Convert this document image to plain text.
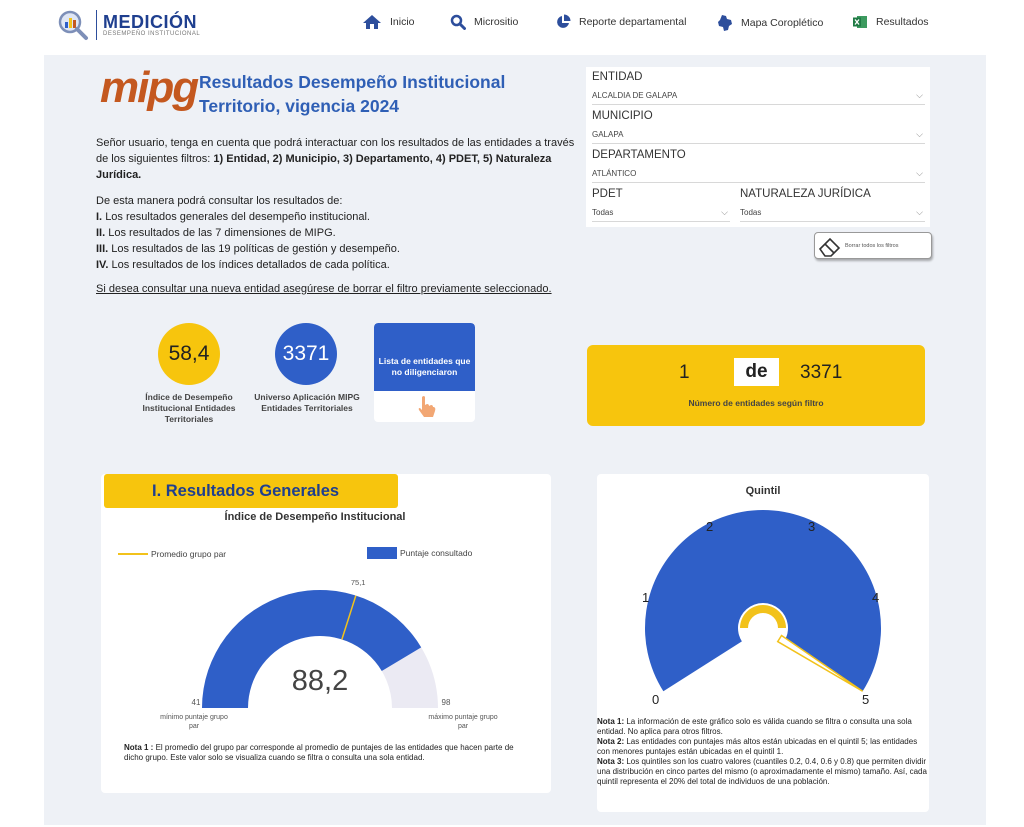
MEDICIÓN
DESEMPEÑO INSTITUCIONAL
Inicio	Micrositio	Reporte departamental	Mapa Coroplético	Resultados
mipg Resultados Desempeño Institucional
Territorio, vigencia 2024
Señor usuario, tenga en cuenta que podrá interactuar con los resultados de las entidades a través de los siguientes filtros: 1) Entidad, 2) Municipio, 3) Departamento, 4) PDET, 5) Naturaleza Jurídica.
De esta manera podrá consultar los resultados de:
I. Los resultados generales del desempeño institucional.
II. Los resultados de las 7 dimensiones de MIPG.
III. Los resultados de las 19 políticas de gestión y desempeño.
IV. Los resultados de los índices detallados de cada política.
Si desea consultar una nueva entidad asegúrese de borrar el filtro previamente seleccionado.
ENTIDAD
ALCALDIA DE GALAPA	⌵
MUNICIPIO
GALAPA	⌵
DEPARTAMENTO
ATLÁNTICO	⌵
PDET
Todas	⌵
NATURALEZA JURÍDICA
Todas	⌵
Borrar todos los filtros
58,4
Índice de Desempeño Institucional Entidades Territoriales
3371
Universo Aplicación MIPG Entidades Territoriales
Lista de entidades que no diligenciaron	1	de	3371
Número de entidades según filtro
I. Resultados Generales
Índice de Desempeño Institucional
Promedio grupo par	Puntaje consultado
75,1
88,2
41	98
mínimo puntaje grupo par
máximo puntaje grupo par
Nota 1 : El promedio del grupo par corresponde al promedio de puntajes de las entidades que hacen parte de dicho grupo. Este valor solo se visualiza cuando se filtra o consulta una sola entidad.
Quintil
0
1
2	3
4
5
Nota 1: La información de este gráfico solo es válida cuando se filtra o consulta una sola entidad. No aplica para otros filtros.
Nota 2: Las entidades con puntajes más altos están ubicadas en el quintil 5; las entidades con menores puntajes están ubicadas en el quintil 1.
Nota 3: Los quintiles son los cuatro valores (cuantiles 0.2, 0.4, 0.6 y 0.8) que permiten dividir una distribución en cinco partes del mismo (o aproximadamente el mismo) tamaño. Así, cada quintil representa el 20% del total de individuos de una población.
